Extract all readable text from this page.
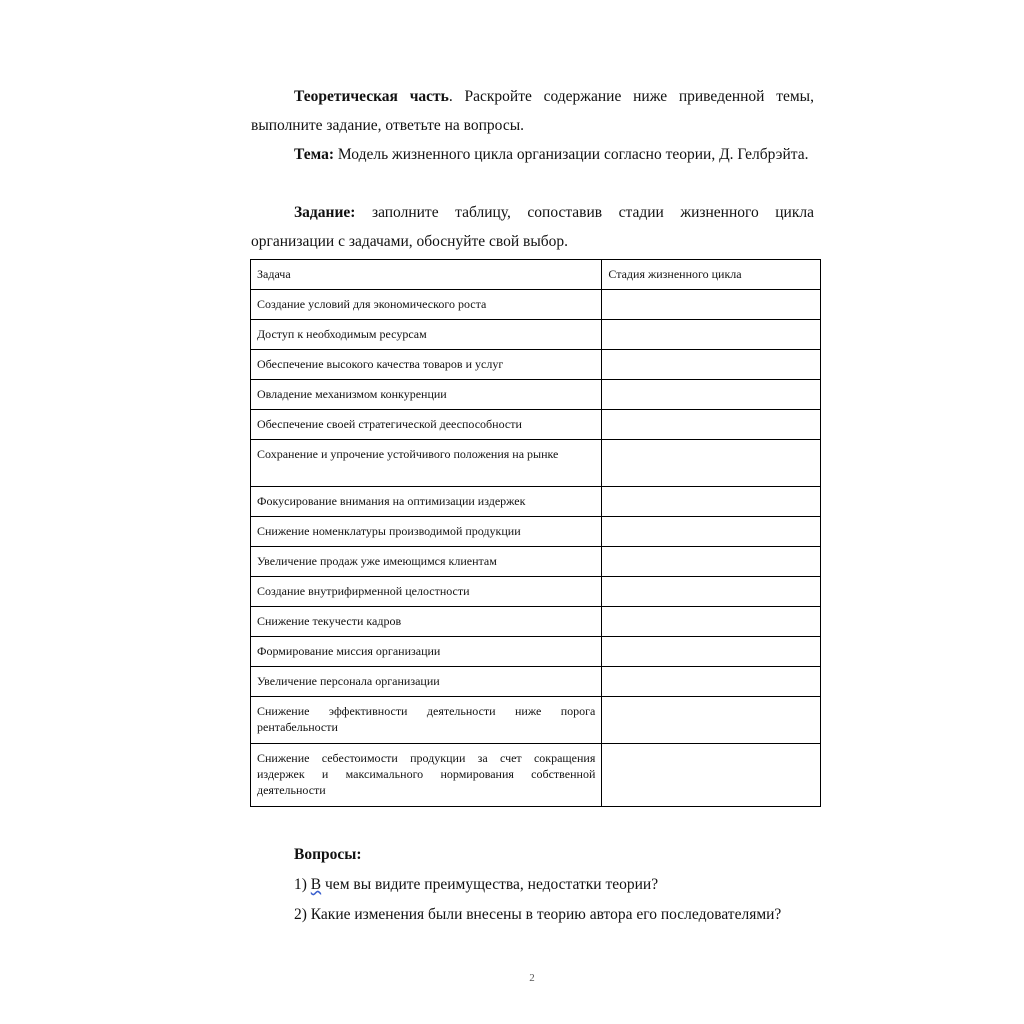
Теоретическая часть. Раскройте содержание ниже приведенной темы, выполните задание, ответьте на вопросы.

Тема: Модель жизненного цикла организации согласно теории, Д. Гелбрэйта.

Задание: заполните таблицу, сопоставив стадии жизненного цикла организации с задачами, обоснуйте свой выбор.

Задача	Стадия жизненного цикла
Создание условий для экономического роста	
Доступ к необходимым ресурсам	
Обеспечение высокого качества товаров и услуг	
Овладение механизмом конкуренции	
Обеспечение своей стратегической дееспособности	
Сохранение и упрочение устойчивого положения на рынке	
Фокусирование внимания на оптимизации издержек	
Снижение номенклатуры производимой продукции	
Увеличение продаж уже имеющимся клиентам	
Создание внутрифирменной целостности	
Снижение текучести кадров	
Формирование миссия организации	
Увеличение персонала организации	
Снижение эффективности деятельности ниже порога рентабельности	
Снижение себестоимости продукции за счет сокращения издержек и максимального нормирования собственной деятельности	

Вопросы:

1) В чем вы видите преимущества, недостатки теории?

2) Какие изменения были внесены в теорию автора его последователями?

2
